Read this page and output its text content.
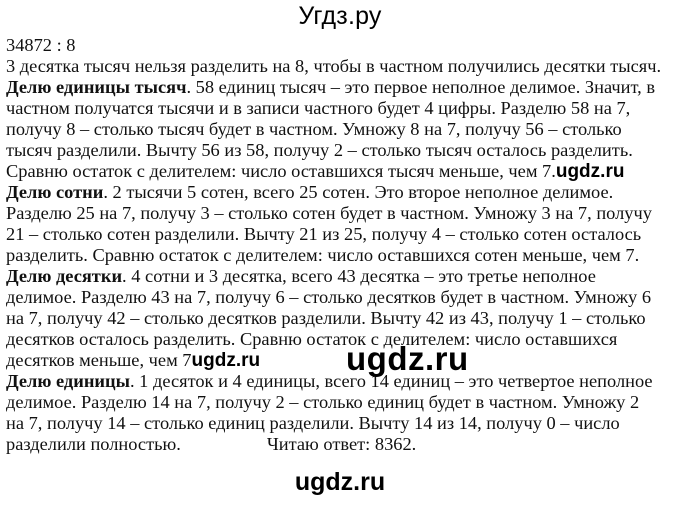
Угдз.ру
34872 : 8
3 десятка тысяч нельзя разделить на 8, чтобы в частном получились десятки тысяч.
Делю единицы тысяч. 58 единиц тысяч – это первое неполное делимое. Значит, в
частном получатся тысячи и в записи частного будет 4 цифры. Разделю 58 на 7,
получу 8 – столько тысяч будет в частном. Умножу 8 на 7, получу 56 – столько
тысяч разделили. Вычту 56 из 58, получу 2 – столько тысяч осталось разделить.
Сравню остаток с делителем: число оставшихся тысяч меньше, чем 7.ugdz.ru
Делю сотни. 2 тысячи 5 сотен, всего 25 сотен. Это второе неполное делимое.
Разделю 25 на 7, получу 3 – столько сотен будет в частном. Умножу 3 на 7, получу
21 – столько сотен разделили. Вычту 21 из 25, получу 4 – столько сотен осталось
разделить. Сравню остаток с делителем: число оставшихся сотен меньше, чем 7.
Делю десятки. 4 сотни и 3 десятка, всего 43 десятка – это третье неполное
делимое. Разделю 43 на 7, получу 6 – столько десятков будет в частном. Умножу 6
на 7, получу 42 – столько десятков разделили. Вычту 42 из 43, получу 1 – столько
десятков осталось разделить. Сравню остаток с делителем: число оставшихся
десятков меньше, чем 7ugdz.ru
Делю единицы. 1 десяток и 4 единицы, всего 14 единиц – это четвертое неполное
делимое. Разделю 14 на 7, получу 2 – столько единиц будет в частном. Умножу 2
на 7, получу 14 – столько единиц разделили. Вычту 14 из 14, получу 0 – число
разделили полностью.	Читаю ответ: 8362.
ugdz.ru
ugdz.ru
